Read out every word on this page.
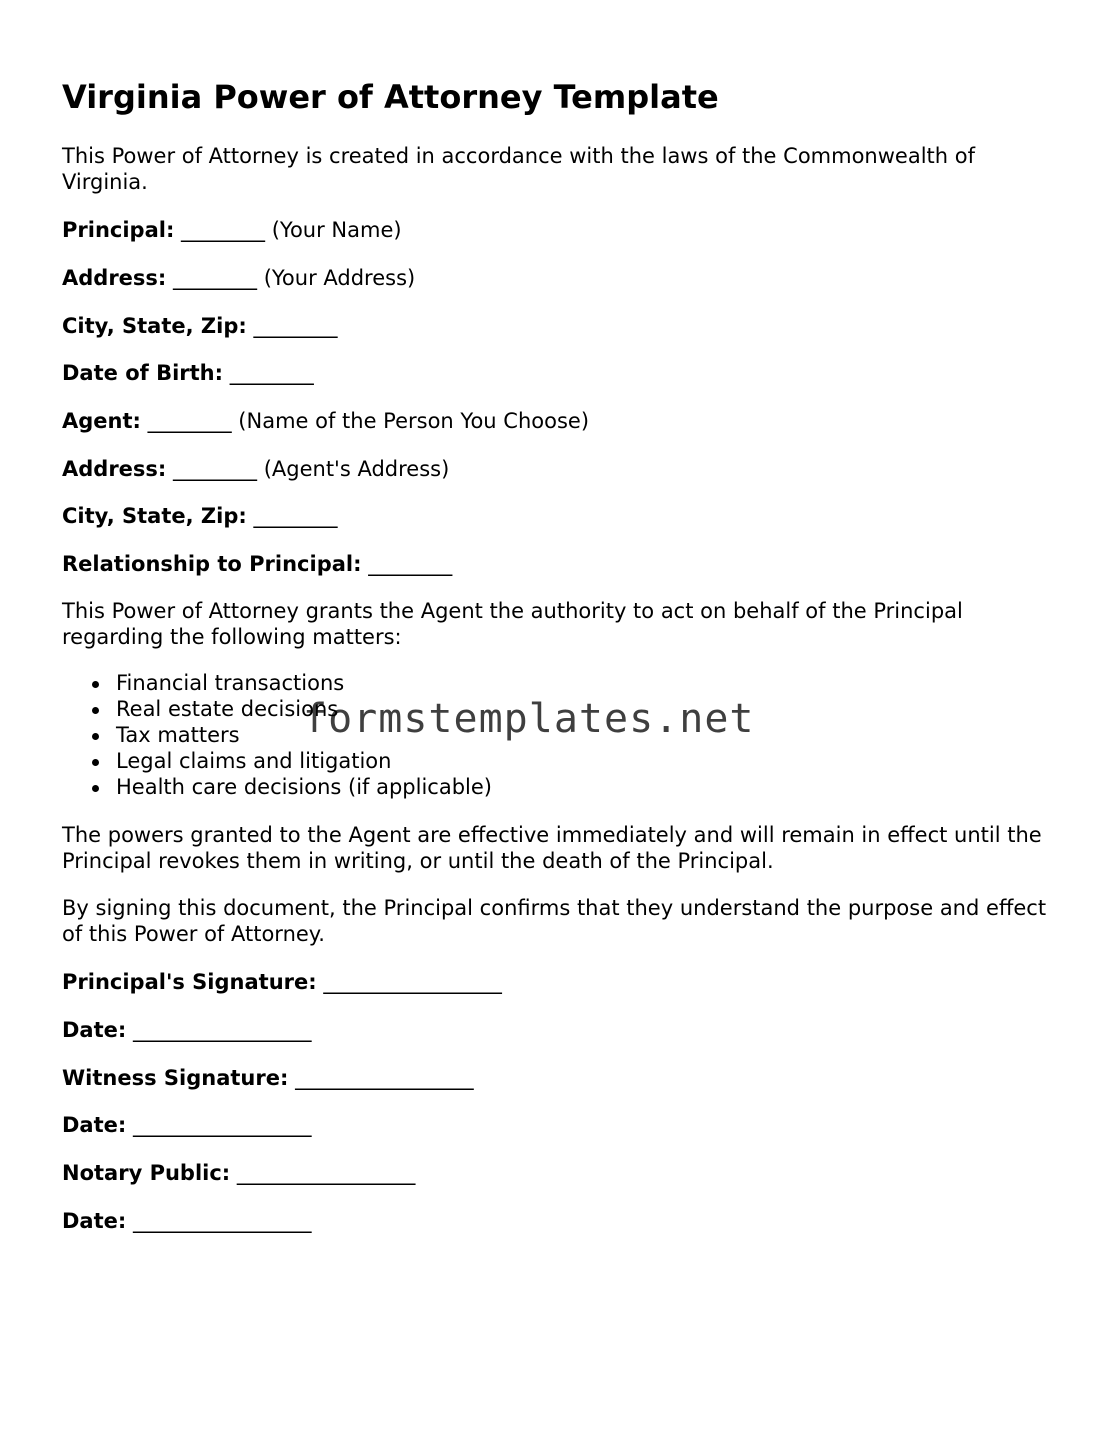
Virginia Power of Attorney Template

This Power of Attorney is created in accordance with the laws of the Commonwealth of Virginia.

Principal: ________ (Your Name)

Address: ________ (Your Address)

City, State, Zip: ________

Date of Birth: ________

Agent: ________ (Name of the Person You Choose)

Address: ________ (Agent's Address)

City, State, Zip: ________

Relationship to Principal: ________

This Power of Attorney grants the Agent the authority to act on behalf of the Principal regarding the following matters:

Financial transactions
Real estate decisions
Tax matters
Legal claims and litigation
Health care decisions (if applicable)

The powers granted to the Agent are effective immediately and will remain in effect until the Principal revokes them in writing, or until the death of the Principal.

By signing this document, the Principal confirms that they understand the purpose and effect of this Power of Attorney.

Principal's Signature: _________________

Date: _________________

Witness Signature: _________________

Date: _________________

Notary Public: _________________

Date: _________________

formstemplates.net
